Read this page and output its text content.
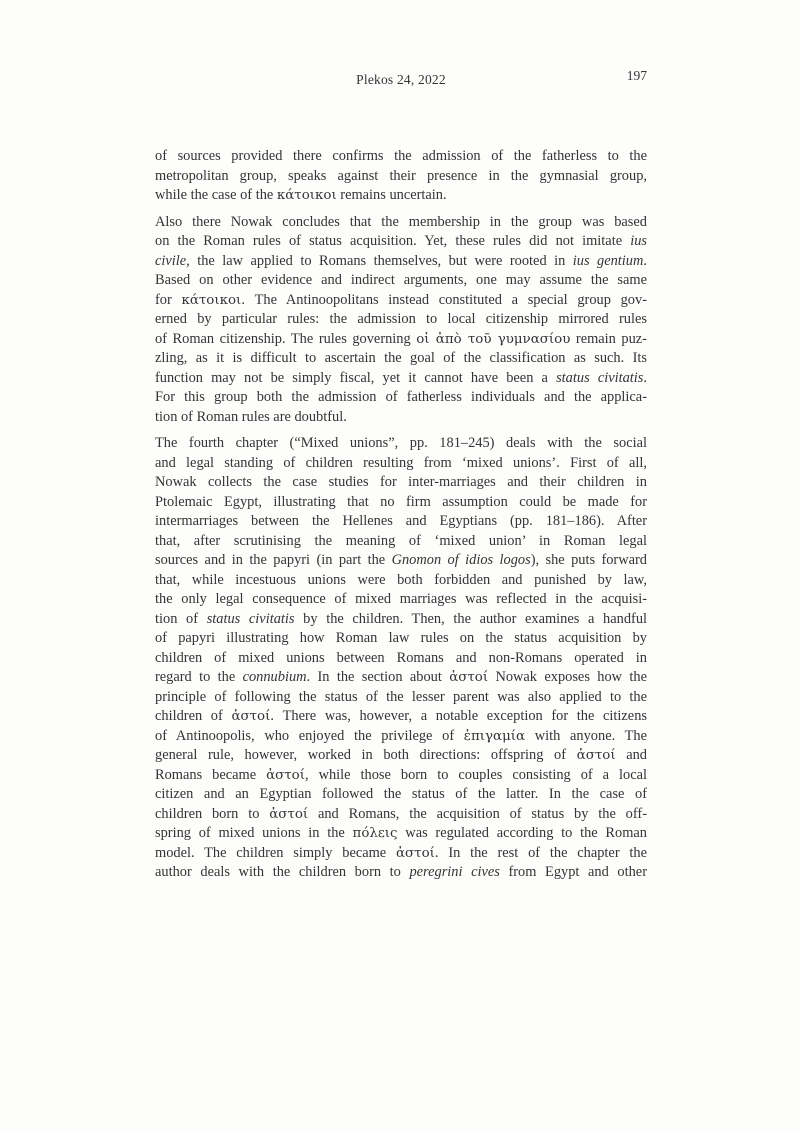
Plekos 24, 2022	197

of sources provided there confirms the admission of the fatherless to the
metropolitan group, speaks against their presence in the gymnasial group,
while the case of the κάτοικοι remains uncertain.

Also there Nowak concludes that the membership in the group was based
on the Roman rules of status acquisition. Yet, these rules did not imitate ius
civile, the law applied to Romans themselves, but were rooted in ius gentium.
Based on other evidence and indirect arguments, one may assume the same
for κάτοικοι. The Antinoopolitans instead constituted a special group gov-
erned by particular rules: the admission to local citizenship mirrored rules
of Roman citizenship. The rules governing οἱ ἀπὸ τοῦ γυμνασίου remain puz-
zling, as it is difficult to ascertain the goal of the classification as such. Its
function may not be simply fiscal, yet it cannot have been a status civitatis.
For this group both the admission of fatherless individuals and the applica-
tion of Roman rules are doubtful.

The fourth chapter (“Mixed unions”, pp. 181–245) deals with the social
and legal standing of children resulting from ‘mixed unions’. First of all,
Nowak collects the case studies for inter-marriages and their children in
Ptolemaic Egypt, illustrating that no firm assumption could be made for
intermarriages between the Hellenes and Egyptians (pp. 181–186). After
that, after scrutinising the meaning of ‘mixed union’ in Roman legal
sources and in the papyri (in part the Gnomon of idios logos), she puts forward
that, while incestuous unions were both forbidden and punished by law,
the only legal consequence of mixed marriages was reflected in the acquisi-
tion of status civitatis by the children. Then, the author examines a handful
of papyri illustrating how Roman law rules on the status acquisition by
children of mixed unions between Romans and non-Romans operated in
regard to the connubium. In the section about ἀστοί Nowak exposes how the
principle of following the status of the lesser parent was also applied to the
children of ἀστοί. There was, however, a notable exception for the citizens
of Antinoopolis, who enjoyed the privilege of ἐπιγαμία with anyone. The
general rule, however, worked in both directions: offspring of ἀστοί and
Romans became ἀστοί, while those born to couples consisting of a local
citizen and an Egyptian followed the status of the latter. In the case of
children born to ἀστοί and Romans, the acquisition of status by the off-
spring of mixed unions in the πόλεις was regulated according to the Roman
model. The children simply became ἀστοί. In the rest of the chapter the
author deals with the children born to peregrini cives from Egypt and other
